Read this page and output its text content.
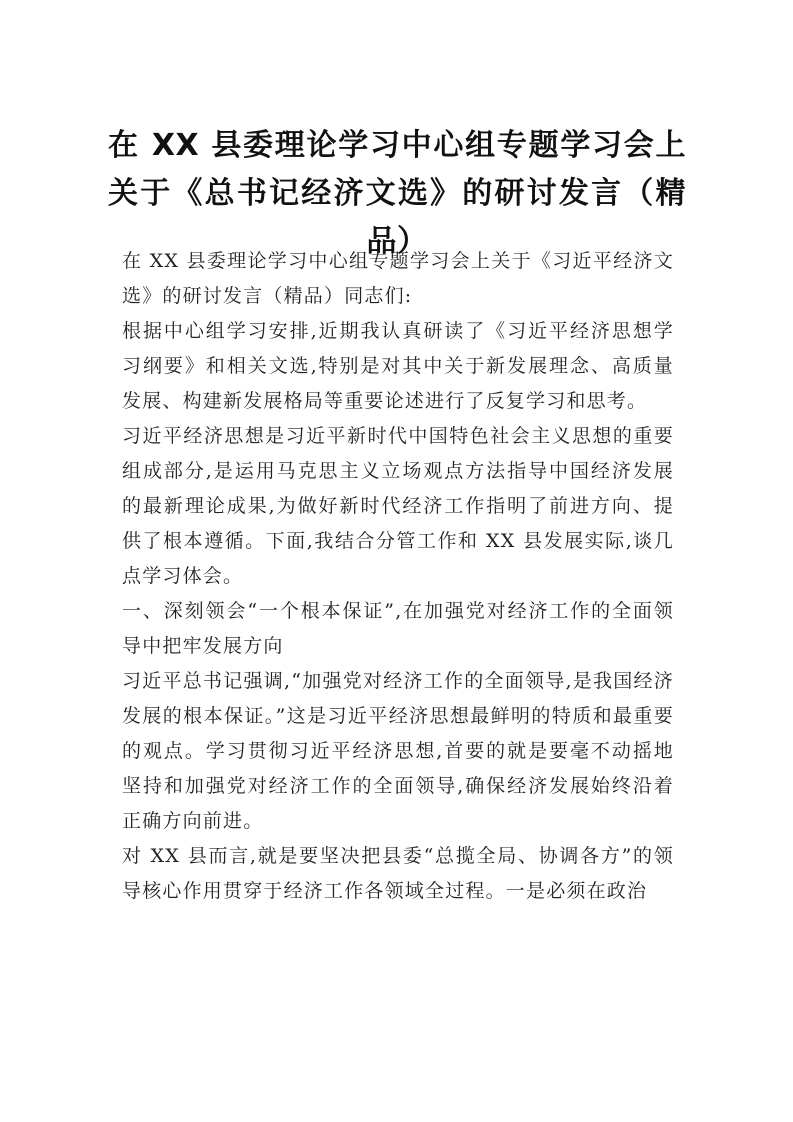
在 XX 县委理论学习中心组专题学习会上关于《总书记经济文选》的研讨发言（精品）

在 XX 县委理论学习中心组专题学习会上关于《习近平经济文选》的研讨发言（精品）同志们:

根据中心组学习安排,近期我认真研读了《习近平经济思想学习纲要》和相关文选,特别是对其中关于新发展理念、高质量发展、构建新发展格局等重要论述进行了反复学习和思考。

习近平经济思想是习近平新时代中国特色社会主义思想的重要组成部分,是运用马克思主义立场观点方法指导中国经济发展的最新理论成果,为做好新时代经济工作指明了前进方向、提供了根本遵循。下面,我结合分管工作和 XX 县发展实际,谈几点学习体会。

一、深刻领会“一个根本保证”,在加强党对经济工作的全面领导中把牢发展方向

习近平总书记强调,“加强党对经济工作的全面领导,是我国经济发展的根本保证。”这是习近平经济思想最鲜明的特质和最重要的观点。学习贯彻习近平经济思想,首要的就是要毫不动摇地坚持和加强党对经济工作的全面领导,确保经济发展始终沿着正确方向前进。

对 XX 县而言,就是要坚决把县委“总揽全局、协调各方”的领导核心作用贯穿于经济工作各领域全过程。一是必须在政治
